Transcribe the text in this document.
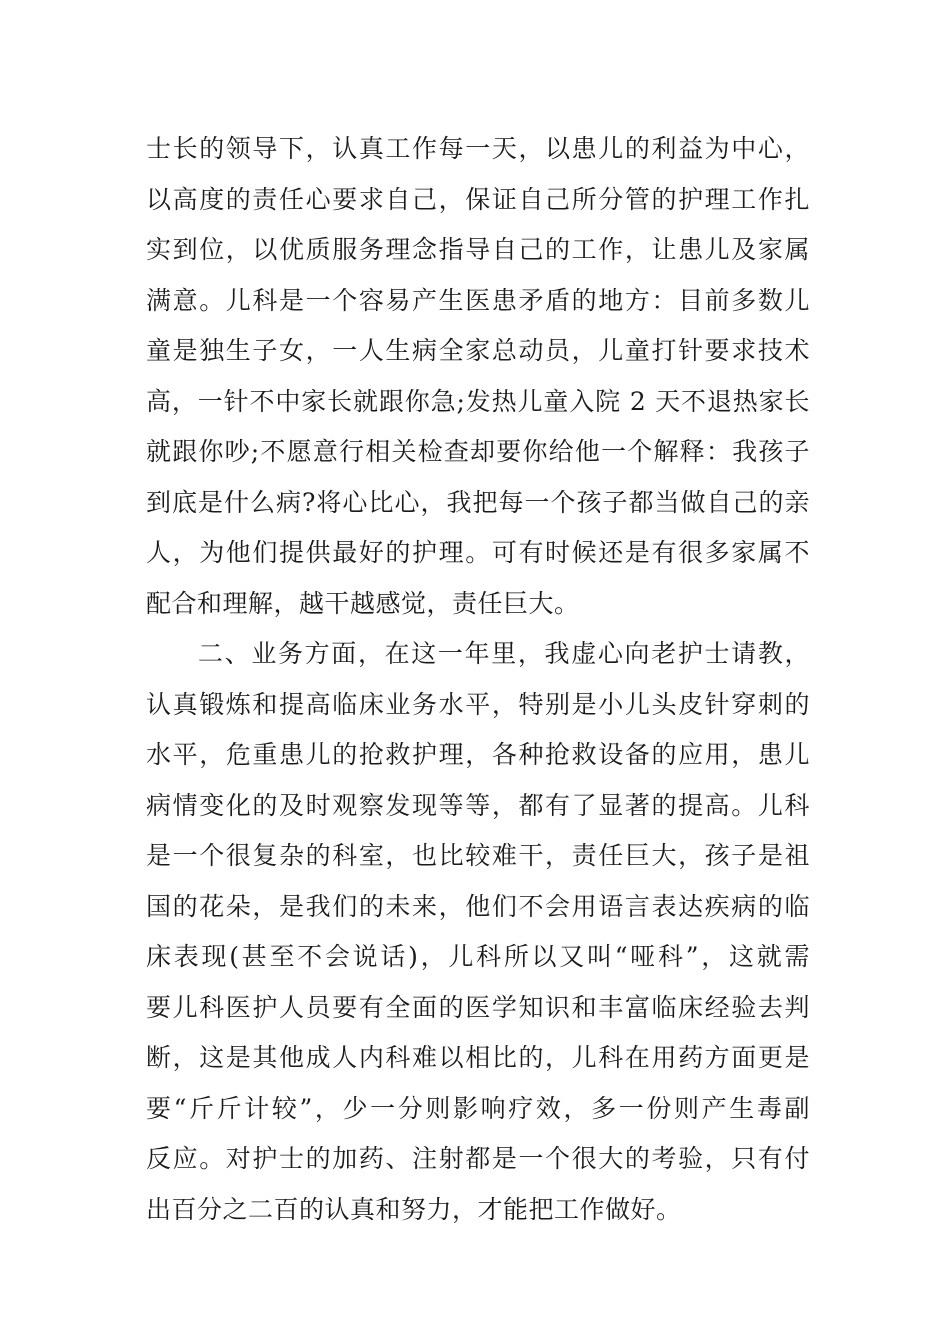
士长的领导下，认真工作每一天，以患儿的利益为中心，
以高度的责任心要求自己，保证自己所分管的护理工作扎
实到位，以优质服务理念指导自己的工作，让患儿及家属
满意。儿科是一个容易产生医患矛盾的地方：目前多数儿
童是独生子女，一人生病全家总动员，儿童打针要求技术
高，一针不中家长就跟你急;发热儿童入院 2 天不退热家长
就跟你吵;不愿意行相关检查却要你给他一个解释：我孩子
到底是什么病?将心比心，我把每一个孩子都当做自己的亲
人，为他们提供最好的护理。可有时候还是有很多家属不
配合和理解，越干越感觉，责任巨大。
二、业务方面，在这一年里，我虚心向老护士请教，
认真锻炼和提高临床业务水平，特别是小儿头皮针穿刺的
水平，危重患儿的抢救护理，各种抢救设备的应用，患儿
病情变化的及时观察发现等等，都有了显著的提高。儿科
是一个很复杂的科室，也比较难干，责任巨大，孩子是祖
国的花朵，是我们的未来，他们不会用语言表达疾病的临
床表现(甚至不会说话)，儿科所以又叫“哑科”，这就需
要儿科医护人员要有全面的医学知识和丰富临床经验去判
断，这是其他成人内科难以相比的，儿科在用药方面更是
要“斤斤计较”，少一分则影响疗效，多一份则产生毒副
反应。对护士的加药、注射都是一个很大的考验，只有付
出百分之二百的认真和努力，才能把工作做好。
